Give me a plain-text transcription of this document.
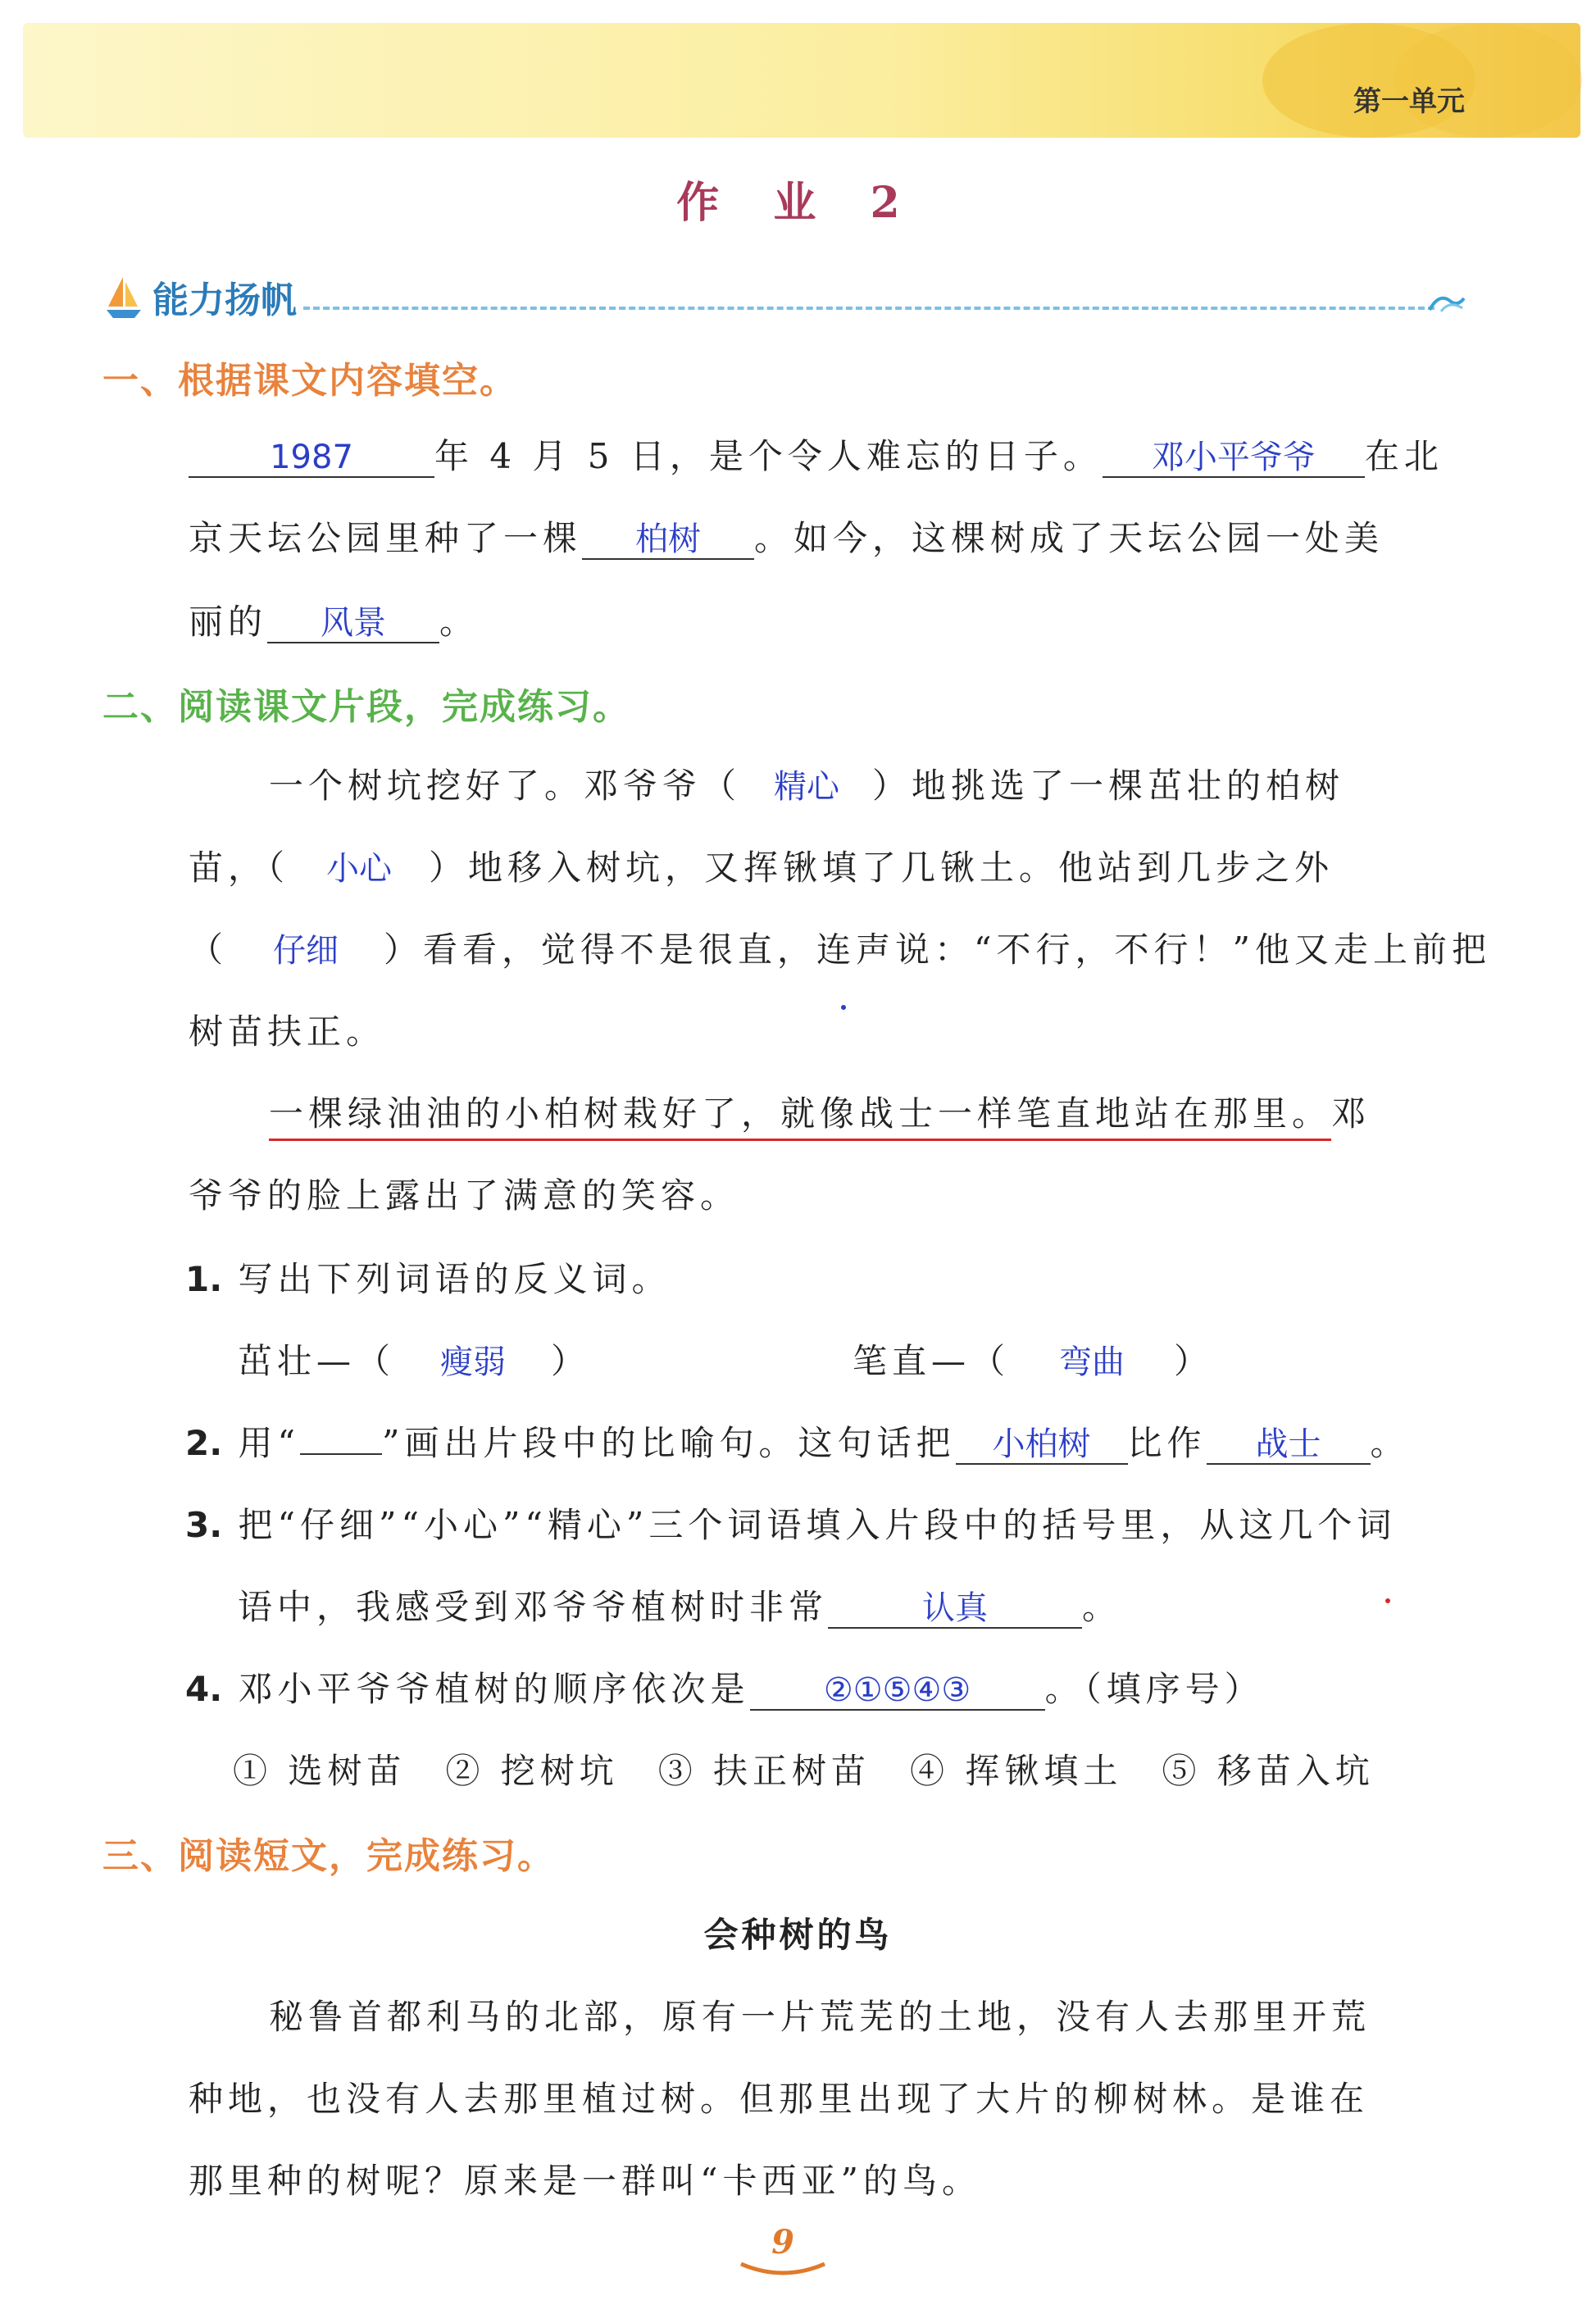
第一单元
作 业 2
能力扬帆
一、根据课文内容填空。
1987 年 4 月 5 日，是个令人难忘的日子。 邓小平爷爷 在北
京天坛公园里种了一棵 柏树 。如今，这棵树成了天坛公园一处美
丽的 风景 。
二、阅读课文片段，完成练习。
一个树坑挖好了。邓爷爷（ 精心 ）地挑选了一棵茁壮的柏树
苗，（ 小心 ）地移入树坑，又挥锹填了几锹土。他站到几步之外
（ 仔细 ）看看，觉得不是很直，连声说：“不行，不行！”他又走上前把
树苗扶正。
一棵绿油油的小柏树栽好了，就像战士一样笔直地站在那里。邓
爷爷的脸上露出了满意的笑容。
1. 写出下列词语的反义词。
茁壮—（ 瘦弱 ）	笔直—（ 弯曲 ）
2. 用“ ”画出片段中的比喻句。这句话把 小柏树 比作 战士 。
3. 把“仔细”“小心”“精心”三个词语填入片段中的括号里，从这几个词
语中，我感受到邓爷爷植树时非常	认真	。
4. 邓小平爷爷植树的顺序依次是 ②①⑤④③ 。（填序号）
① 选树苗　② 挖树坑　③ 扶正树苗　④ 挥锹填土　⑤ 移苗入坑
三、阅读短文，完成练习。
会种树的鸟
秘鲁首都利马的北部，原有一片荒芜的土地，没有人去那里开荒
种地，也没有人去那里植过树。但那里出现了大片的柳树林。是谁在
那里种的树呢？原来是一群叫“卡西亚”的鸟。
9
